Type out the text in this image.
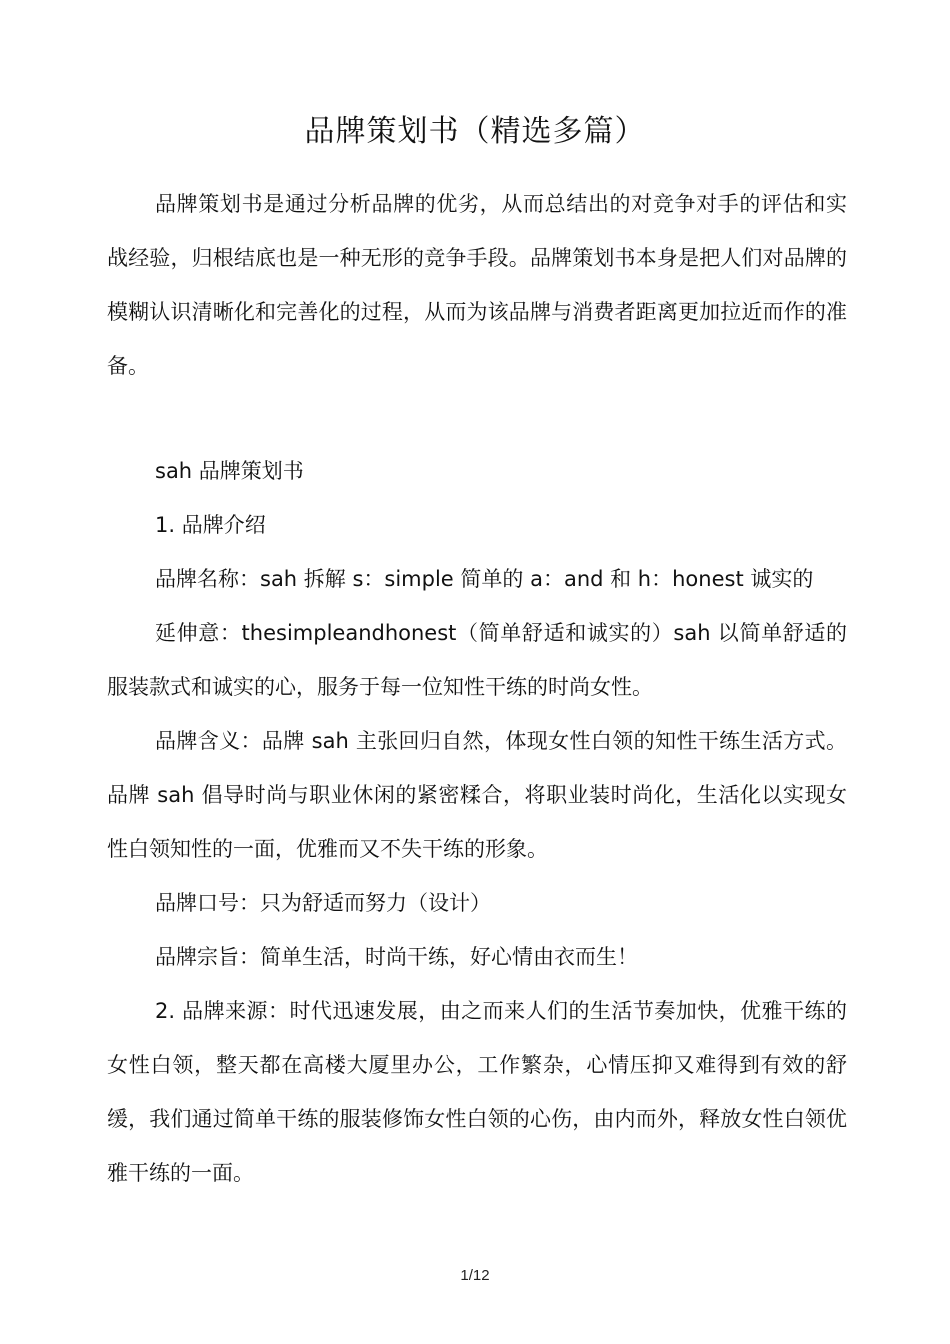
品牌策划书（精选多篇）

品牌策划书是通过分析品牌的优劣，从而总结出的对竞争对手的评估和实战经验，归根结底也是一种无形的竞争手段。品牌策划书本身是把人们对品牌的模糊认识清晰化和完善化的过程，从而为该品牌与消费者距离更加拉近而作的准备。

sah 品牌策划书

1. 品牌介绍

品牌名称：sah 拆解 s：simple 简单的 a：and 和 h：honest 诚实的

延伸意：thesimpleandhonest（简单舒适和诚实的）sah 以简单舒适的服装款式和诚实的心，服务于每一位知性干练的时尚女性。

品牌含义：品牌 sah 主张回归自然，体现女性白领的知性干练生活方式。品牌 sah 倡导时尚与职业休闲的紧密糅合，将职业装时尚化，生活化以实现女性白领知性的一面，优雅而又不失干练的形象。

品牌口号：只为舒适而努力（设计）

品牌宗旨：简单生活，时尚干练，好心情由衣而生！

2. 品牌来源：时代迅速发展，由之而来人们的生活节奏加快，优雅干练的女性白领，整天都在高楼大厦里办公，工作繁杂，心情压抑又难得到有效的舒缓，我们通过简单干练的服装修饰女性白领的心伤，由内而外，释放女性白领优雅干练的一面。

1/12
